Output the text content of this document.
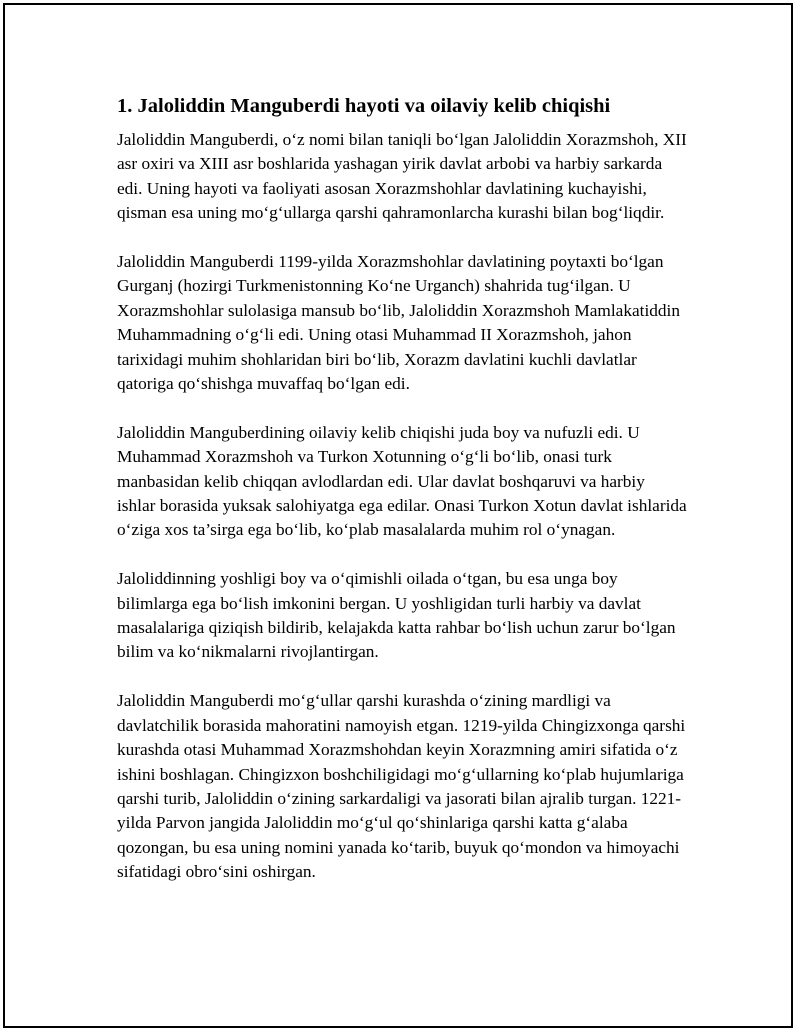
1. Jaloliddin Manguberdi hayoti va oilaviy kelib chiqishi

Jaloliddin Manguberdi, o‘z nomi bilan taniqli bo‘lgan Jaloliddin Xorazmshoh, XII asr oxiri va XIII asr boshlarida yashagan yirik davlat arbobi va harbiy sarkarda edi. Uning hayoti va faoliyati asosan Xorazmshohlar davlatining kuchayishi, qisman esa uning mo‘g‘ullarga qarshi qahramonlarcha kurashi bilan bog‘liqdir.

Jaloliddin Manguberdi 1199-yilda Xorazmshohlar davlatining poytaxti bo‘lgan Gurganj (hozirgi Turkmenistonning Ko‘ne Urganch) shahrida tug‘ilgan. U Xorazmshohlar sulolasiga mansub bo‘lib, Jaloliddin Xorazmshoh Mamlakatiddin Muhammadning o‘g‘li edi. Uning otasi Muhammad II Xorazmshoh, jahon tarixidagi muhim shohlaridan biri bo‘lib, Xorazm davlatini kuchli davlatlar qatoriga qo‘shishga muvaffaq bo‘lgan edi.

Jaloliddin Manguberdining oilaviy kelib chiqishi juda boy va nufuzli edi. U Muhammad Xorazmshoh va Turkon Xotunning o‘g‘li bo‘lib, onasi turk manbasidan kelib chiqqan avlodlardan edi. Ular davlat boshqaruvi va harbiy ishlar borasida yuksak salohiyatga ega edilar. Onasi Turkon Xotun davlat ishlarida o‘ziga xos ta’sirga ega bo‘lib, ko‘plab masalalarda muhim rol o‘ynagan.

Jaloliddinning yoshligi boy va o‘qimishli oilada o‘tgan, bu esa unga boy bilimlarga ega bo‘lish imkonini bergan. U yoshligidan turli harbiy va davlat masalalariga qiziqish bildirib, kelajakda katta rahbar bo‘lish uchun zarur bo‘lgan bilim va ko‘nikmalarni rivojlantirgan.

Jaloliddin Manguberdi mo‘g‘ullar qarshi kurashda o‘zining mardligi va davlatchilik borasida mahoratini namoyish etgan. 1219-yilda Chingizxonga qarshi kurashda otasi Muhammad Xorazmshohdan keyin Xorazmning amiri sifatida o‘z ishini boshlagan. Chingizxon boshchiligidagi mo‘g‘ullarning ko‘plab hujumlariga qarshi turib, Jaloliddin o‘zining sarkardaligi va jasorati bilan ajralib turgan. 1221-yilda Parvon jangida Jaloliddin mo‘g‘ul qo‘shinlariga qarshi katta g‘alaba qozongan, bu esa uning nomini yanada ko‘tarib, buyuk qo‘mondon va himoyachi sifatidagi obro‘sini oshirgan.
